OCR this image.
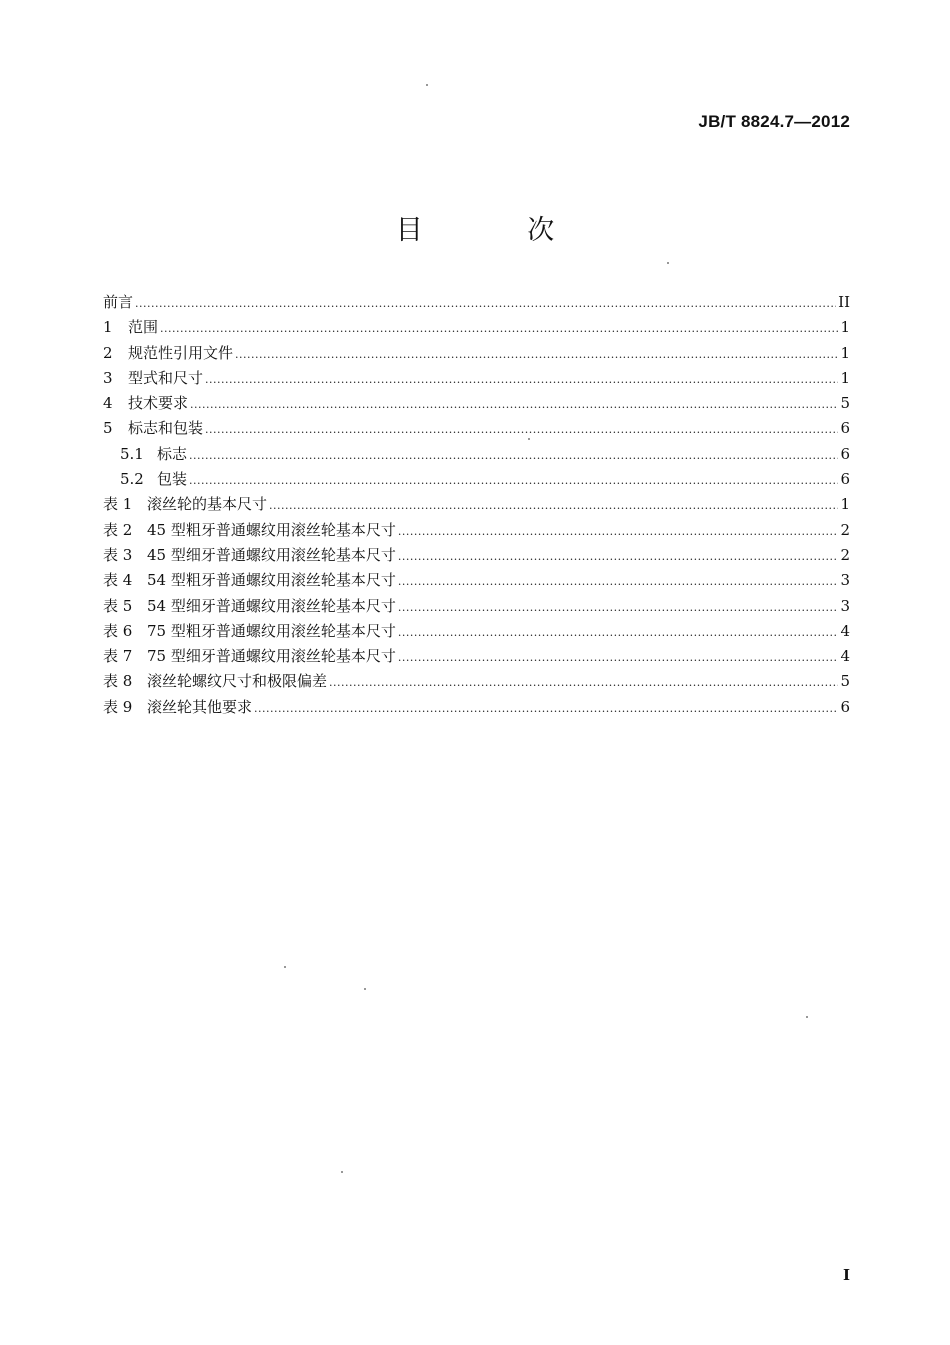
JB/T 8824.7—2012
目 次
前言 .....	II
1	范围 .....	1
2	规范性引用文件 .....	1
3	型式和尺寸 .....	1
4	技术要求 .....	5
5	标志和包装 .....	6
5.1 标志 .....	6
5.2 包装 .....	6
表 1 滚丝轮的基本尺寸 .....	1
表 2 45 型粗牙普通螺纹用滚丝轮基本尺寸 .....	2
表 3 45 型细牙普通螺纹用滚丝轮基本尺寸 .....	2
表 4 54 型粗牙普通螺纹用滚丝轮基本尺寸 .....	3
表 5 54 型细牙普通螺纹用滚丝轮基本尺寸 .....	3
表 6 75 型粗牙普通螺纹用滚丝轮基本尺寸 .....	4
表 7 75 型细牙普通螺纹用滚丝轮基本尺寸 .....	4
表 8 滚丝轮螺纹尺寸和极限偏差 .....	5
表 9 滚丝轮其他要求 .....	6
I
